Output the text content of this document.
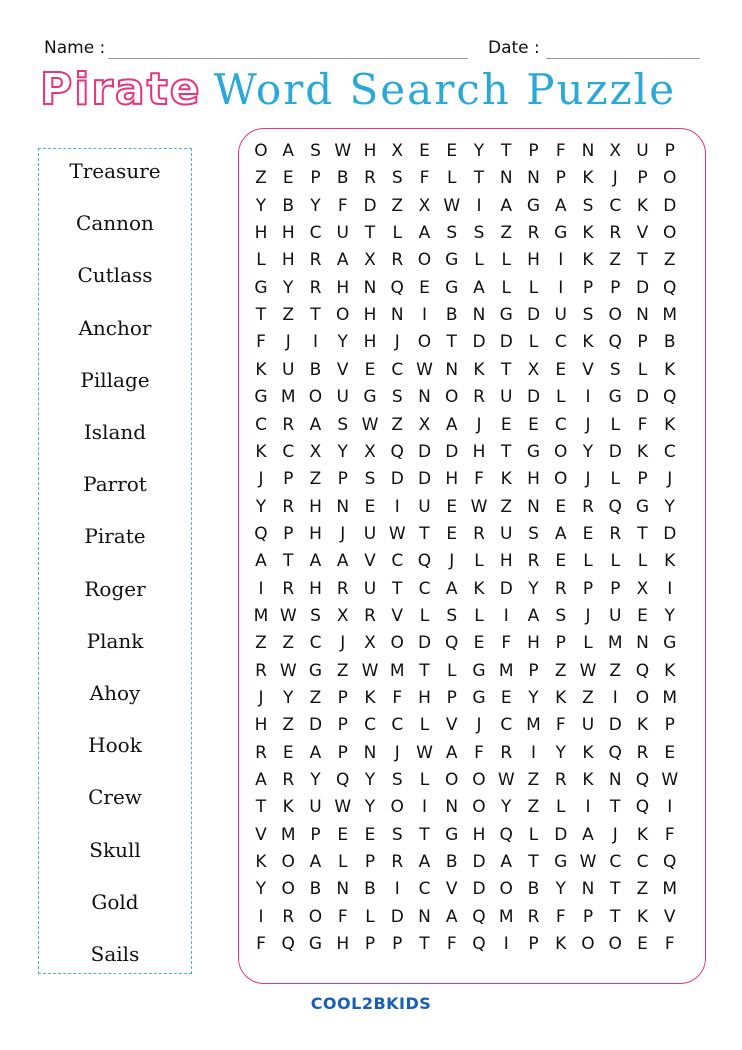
Name :	Date :
Pirate Word Search Puzzle
Treasure
Cannon
Cutlass
Anchor
Pillage
Island
Parrot
Pirate
Roger
Plank
Ahoy
Hook
Crew
Skull
Gold
Sails
O A S W H X E E Y T P	F N X U P
Z E P B R S F	L	T N N P K	J	P O
Y B Y	F D Z X W I	A G A S C K D
H H C U T	L A S S Z R G K R V O
L H R A X R O G L	L H	I	K Z T Z
G Y R H N Q E G A L	L	I	P P D Q
T Z T O H N	I	B N G D U S O N M
F	J	I	Y H	J	O T D D L C K Q P B
K U B V E C W N K T X E V S	L K
G M O U G S N O R U D L	I	G D Q
C R A S W Z X A	J	E E C	J	L	F K
K C X Y X Q D D H T G O Y D K C
J	P Z P S D D H F K H O	J	L	P	J
Y R H N E	I	U E W Z N E R Q G Y
Q P H	J	U W T E R U S A E R T D
A T A A V C Q	J	L H R E	L	L	L K
I	R H R U T C A K D Y R P P X	I
M W S X R V L	S	L	I	A S	J	U E Y
Z Z C	J	X O D Q E F H P	L M N G
R W G Z W M T	L G M P Z W Z Q K
J	Y Z P K F H P G E Y K Z	I	O M
H Z D P C C L V	J	C M F U D K P
R E A P N	J W A F R	I	Y K Q R E
A R Y Q Y S	L O O W Z R K N Q W
T K U W Y O	I	N O Y Z L	I	T Q	I
V M P E E S T G H Q L D A	J	K F
K O A L	P R A B D A T G W C C Q
Y O B N B	I	C V D O B Y N T Z M
I	R O F	L D N A Q M R F	P T K V
F Q G H P P T	F Q	I	P K O O E F
COOL2BKIDS
